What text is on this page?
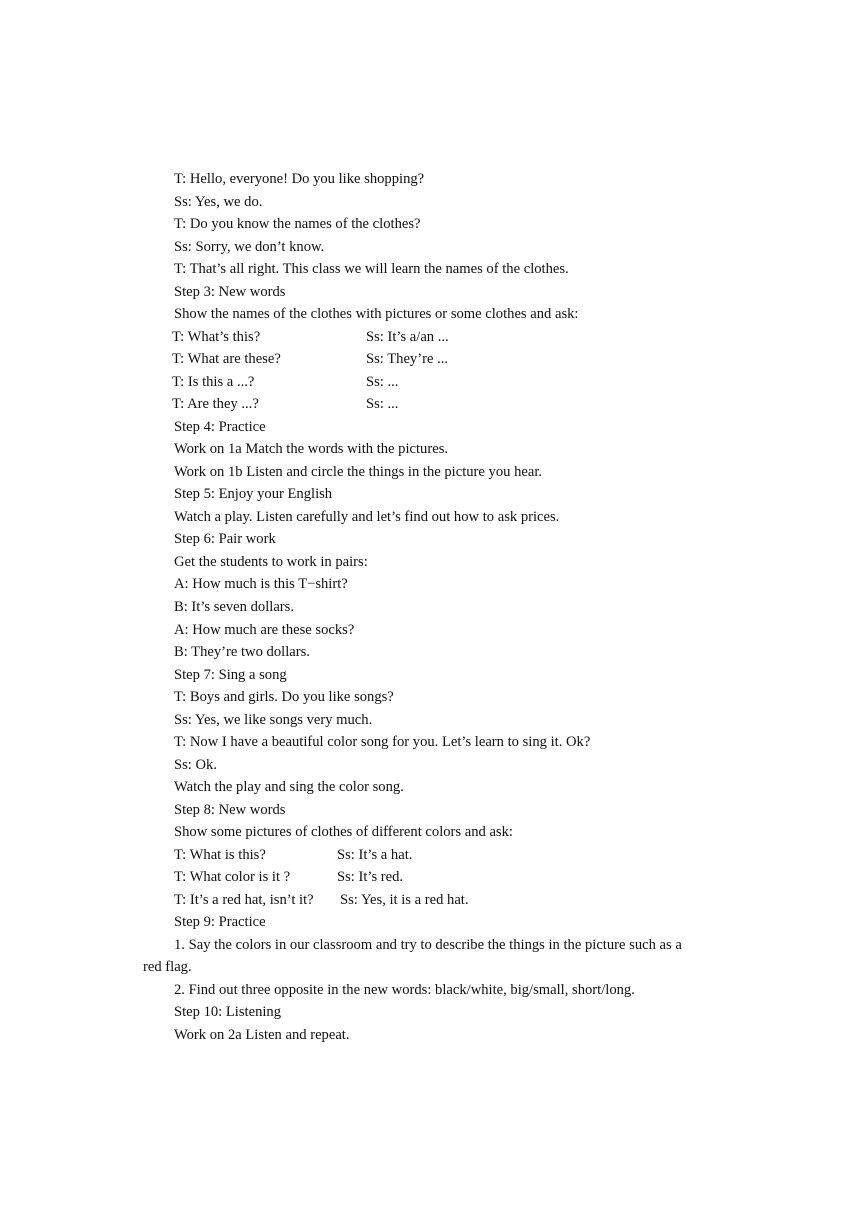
T: Hello, everyone! Do you like shopping?
Ss: Yes, we do.
T: Do you know the names of the clothes?
Ss: Sorry, we don’t know.
T: That’s all right. This class we will learn the names of the clothes.
Step 3: New words
Show the names of the clothes with pictures or some clothes and ask:
T: What’s this?	Ss: It’s a/an ...
T: What are these?	Ss: They’re ...
T: Is this a ...?	Ss: ...
T: Are they ...?	Ss: ...
Step 4: Practice
Work on 1a Match the words with the pictures.
Work on 1b Listen and circle the things in the picture you hear.
Step 5: Enjoy your English
Watch a play. Listen carefully and let’s find out how to ask prices.
Step 6: Pair work
Get the students to work in pairs:
A: How much is this T−shirt?
B: It’s seven dollars.
A: How much are these socks?
B: They’re two dollars.
Step 7: Sing a song
T: Boys and girls. Do you like songs?
Ss: Yes, we like songs very much.
T: Now I have a beautiful color song for you. Let’s learn to sing it. Ok?
Ss: Ok.
Watch the play and sing the color song.
Step 8: New words
Show some pictures of clothes of different colors and ask:
T: What is this?	Ss: It’s a hat.
T: What color is it ?	Ss: It’s red.
T: It’s a red hat, isn’t it? Ss: Yes, it is a red hat.
Step 9: Practice
1. Say the colors in our classroom and try to describe the things in the picture such as a
red flag.
2. Find out three opposite in the new words: black/white, big/small, short/long.
Step 10: Listening
Work on 2a Listen and repeat.
